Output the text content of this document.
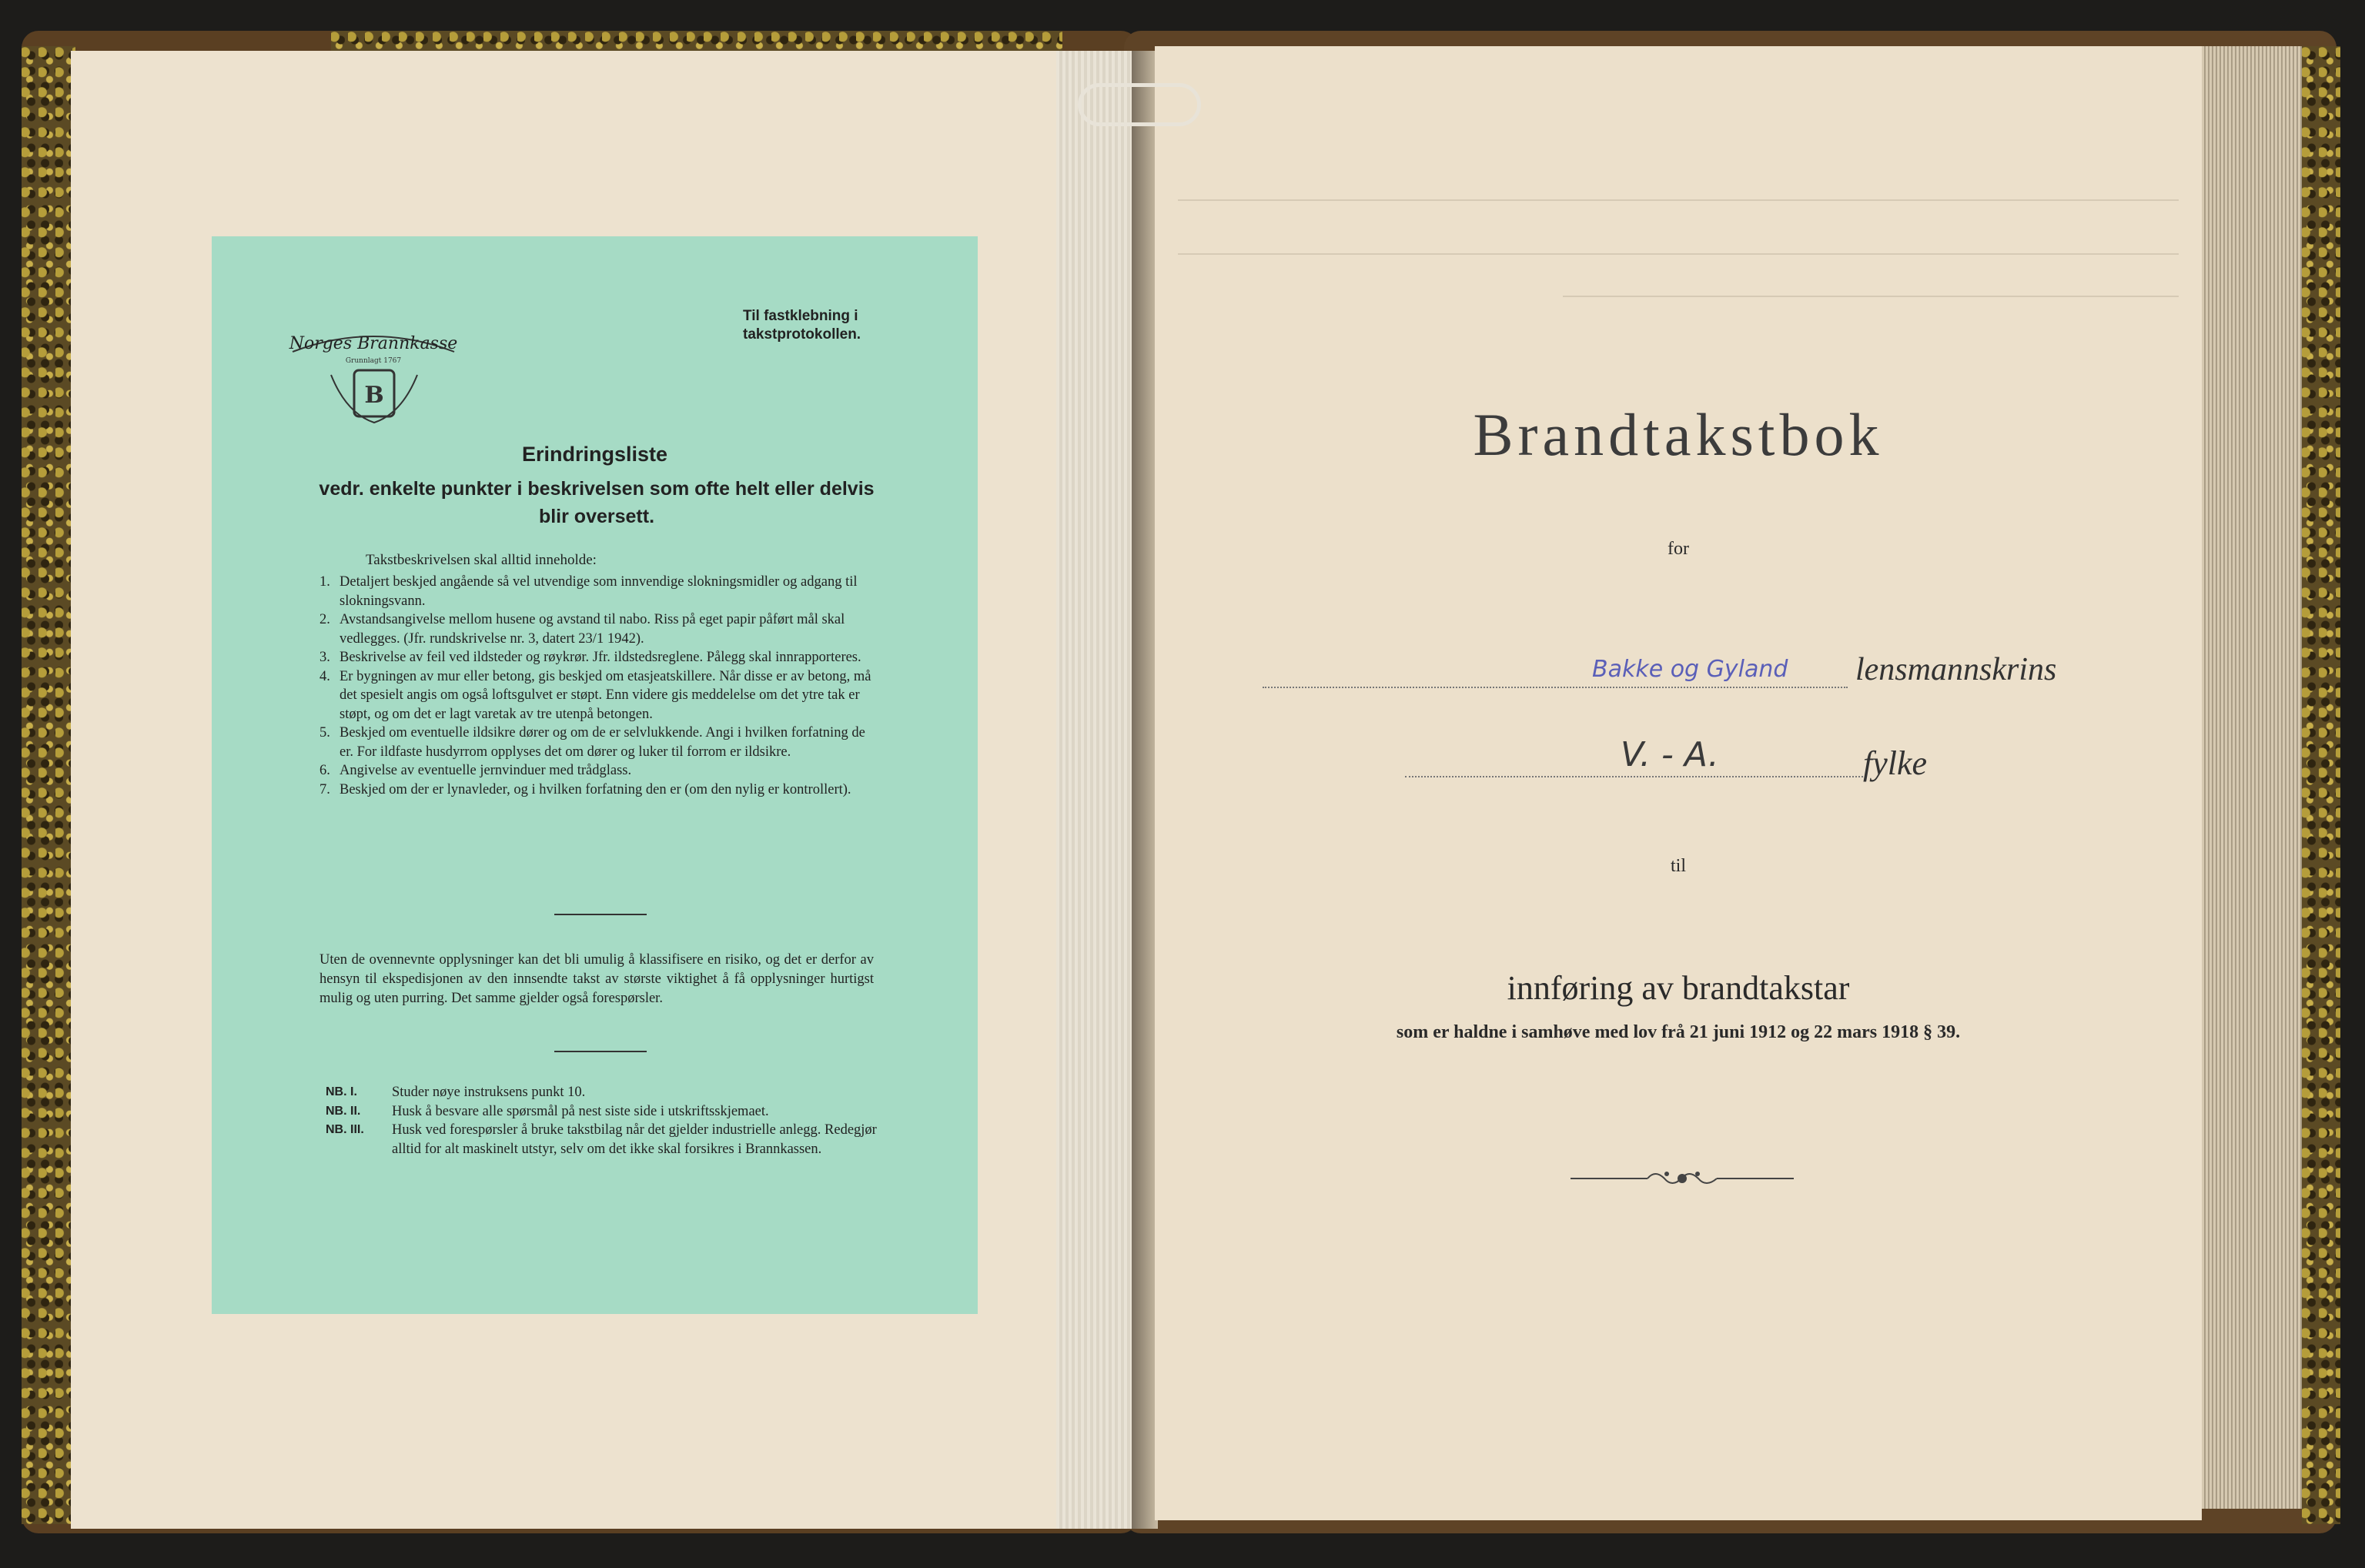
Norges Brannkasse
Grunnlagt 1767
B
Til fastklebning i takstprotokollen.
Erindringsliste
vedr. enkelte punkter i beskrivelsen som ofte helt eller delvis blir oversett.
Takstbeskrivelsen skal alltid inneholde:
1. Detaljert beskjed angående så vel utvendige som innvendige slokningsmidler og adgang til slokningsvann.
2. Avstandsangivelse mellom husene og avstand til nabo. Riss på eget papir påført mål skal vedlegges. (Jfr. rundskrivelse nr. 3, datert 23/1 1942).
3. Beskrivelse av feil ved ildsteder og røykrør. Jfr. ildstedsreglene. Pålegg skal innrapporteres.
4. Er bygningen av mur eller betong, gis beskjed om etasjeatskillere. Når disse er av betong, må det spesielt angis om også loftsgulvet er støpt. Enn videre gis meddelelse om det ytre tak er støpt, og om det er lagt varetak av tre utenpå betongen.
5. Beskjed om eventuelle ildsikre dører og om de er selvlukkende. Angi i hvilken forfatning de er. For ildfaste husdyrrom opplyses det om dører og luker til forrom er ildsikre.
6. Angivelse av eventuelle jernvinduer med trådglass.
7. Beskjed om der er lynavleder, og i hvilken forfatning den er (om den nylig er kontrollert).
Uten de ovennevnte opplysninger kan det bli umulig å klassifisere en risiko, og det er derfor av hensyn til ekspedisjonen av den innsendte takst av største viktighet å få opplysninger hurtigst mulig og uten purring. Det samme gjelder også forespørsler.
NB. I.	Studer nøye instruksens punkt 10.
NB. II.	Husk å besvare alle spørsmål på nest siste side i utskriftsskjemaet.
NB. III.	Husk ved forespørsler å bruke takstbilag når det gjelder industrielle anlegg. Redegjør alltid for alt maskinelt utstyr, selv om det ikke skal forsikres i Brannkassen.
Brandtakstbok
for
Bakke og Gyland lensmannskrins
V. - A.	fylke
til
innføring av brandtakstar
som er haldne i samhøve med lov frå 21 juni 1912 og 22 mars 1918 § 39.
